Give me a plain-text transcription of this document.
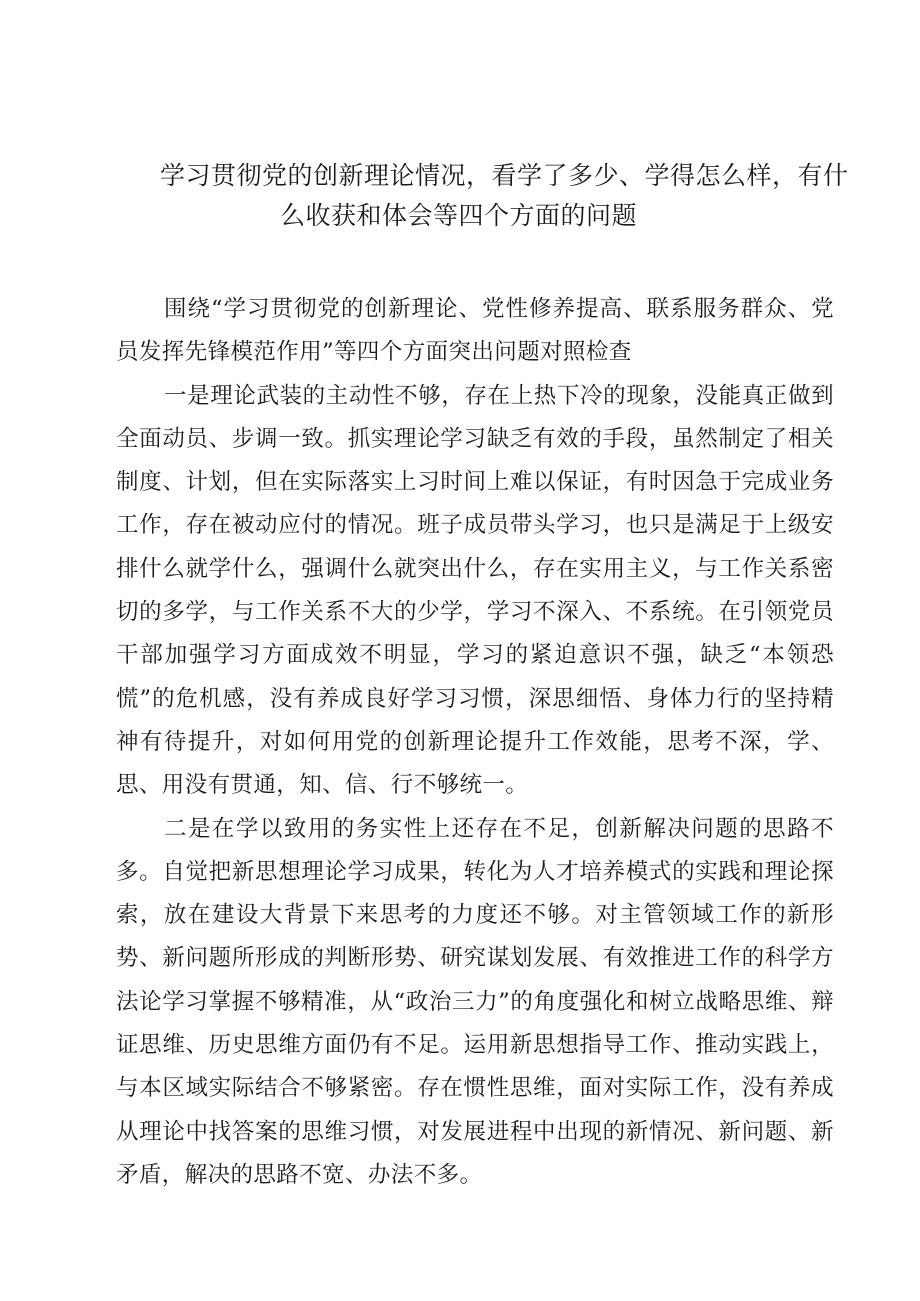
学习贯彻党的创新理论情况，看学了多少、学得怎么样，有什
么收获和体会等四个方面的问题

围绕“学习贯彻党的创新理论、党性修养提高、联系服务群众、党员发挥先锋模范作用”等四个方面突出问题对照检查

一是理论武装的主动性不够，存在上热下冷的现象，没能真正做到全面动员、步调一致。抓实理论学习缺乏有效的手段，虽然制定了相关制度、计划，但在实际落实上习时间上难以保证，有时因急于完成业务工作，存在被动应付的情况。班子成员带头学习，也只是满足于上级安排什么就学什么，强调什么就突出什么，存在实用主义，与工作关系密切的多学，与工作关系不大的少学，学习不深入、不系统。在引领党员干部加强学习方面成效不明显，学习的紧迫意识不强，缺乏“本领恐慌”的危机感，没有养成良好学习习惯，深思细悟、身体力行的坚持精神有待提升，对如何用党的创新理论提升工作效能，思考不深，学、思、用没有贯通，知、信、行不够统一。

二是在学以致用的务实性上还存在不足，创新解决问题的思路不多。自觉把新思想理论学习成果，转化为人才培养模式的实践和理论探索，放在建设大背景下来思考的力度还不够。对主管领域工作的新形势、新问题所形成的判断形势、研究谋划发展、有效推进工作的科学方法论学习掌握不够精准，从“政治三力”的角度强化和树立战略思维、辩证思维、历史思维方面仍有不足。运用新思想指导工作、推动实践上，与本区域实际结合不够紧密。存在惯性思维，面对实际工作，没有养成从理论中找答案的思维习惯，对发展进程中出现的新情况、新问题、新矛盾，解决的思路不宽、办法不多。
